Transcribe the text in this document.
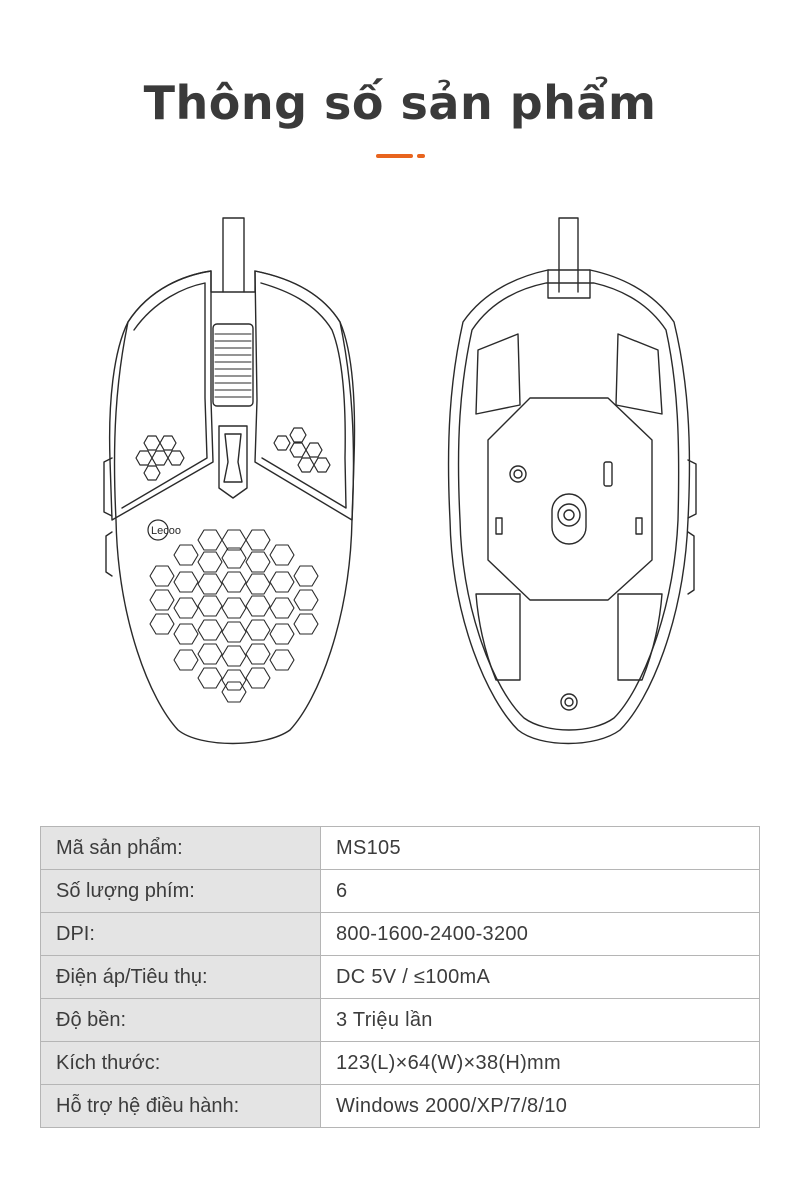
Thông số sản phẩm
Lecoo
Mã sản phẩm:	MS105
Số lượng phím:	6
DPI:	800-1600-2400-3200
Điện áp/Tiêu thụ:	DC 5V / ≤100mA
Độ bền:	3 Triệu lần
Kích thước:	123(L)×64(W)×38(H)mm
Hỗ trợ hệ điều hành:	Windows 2000/XP/7/8/10
